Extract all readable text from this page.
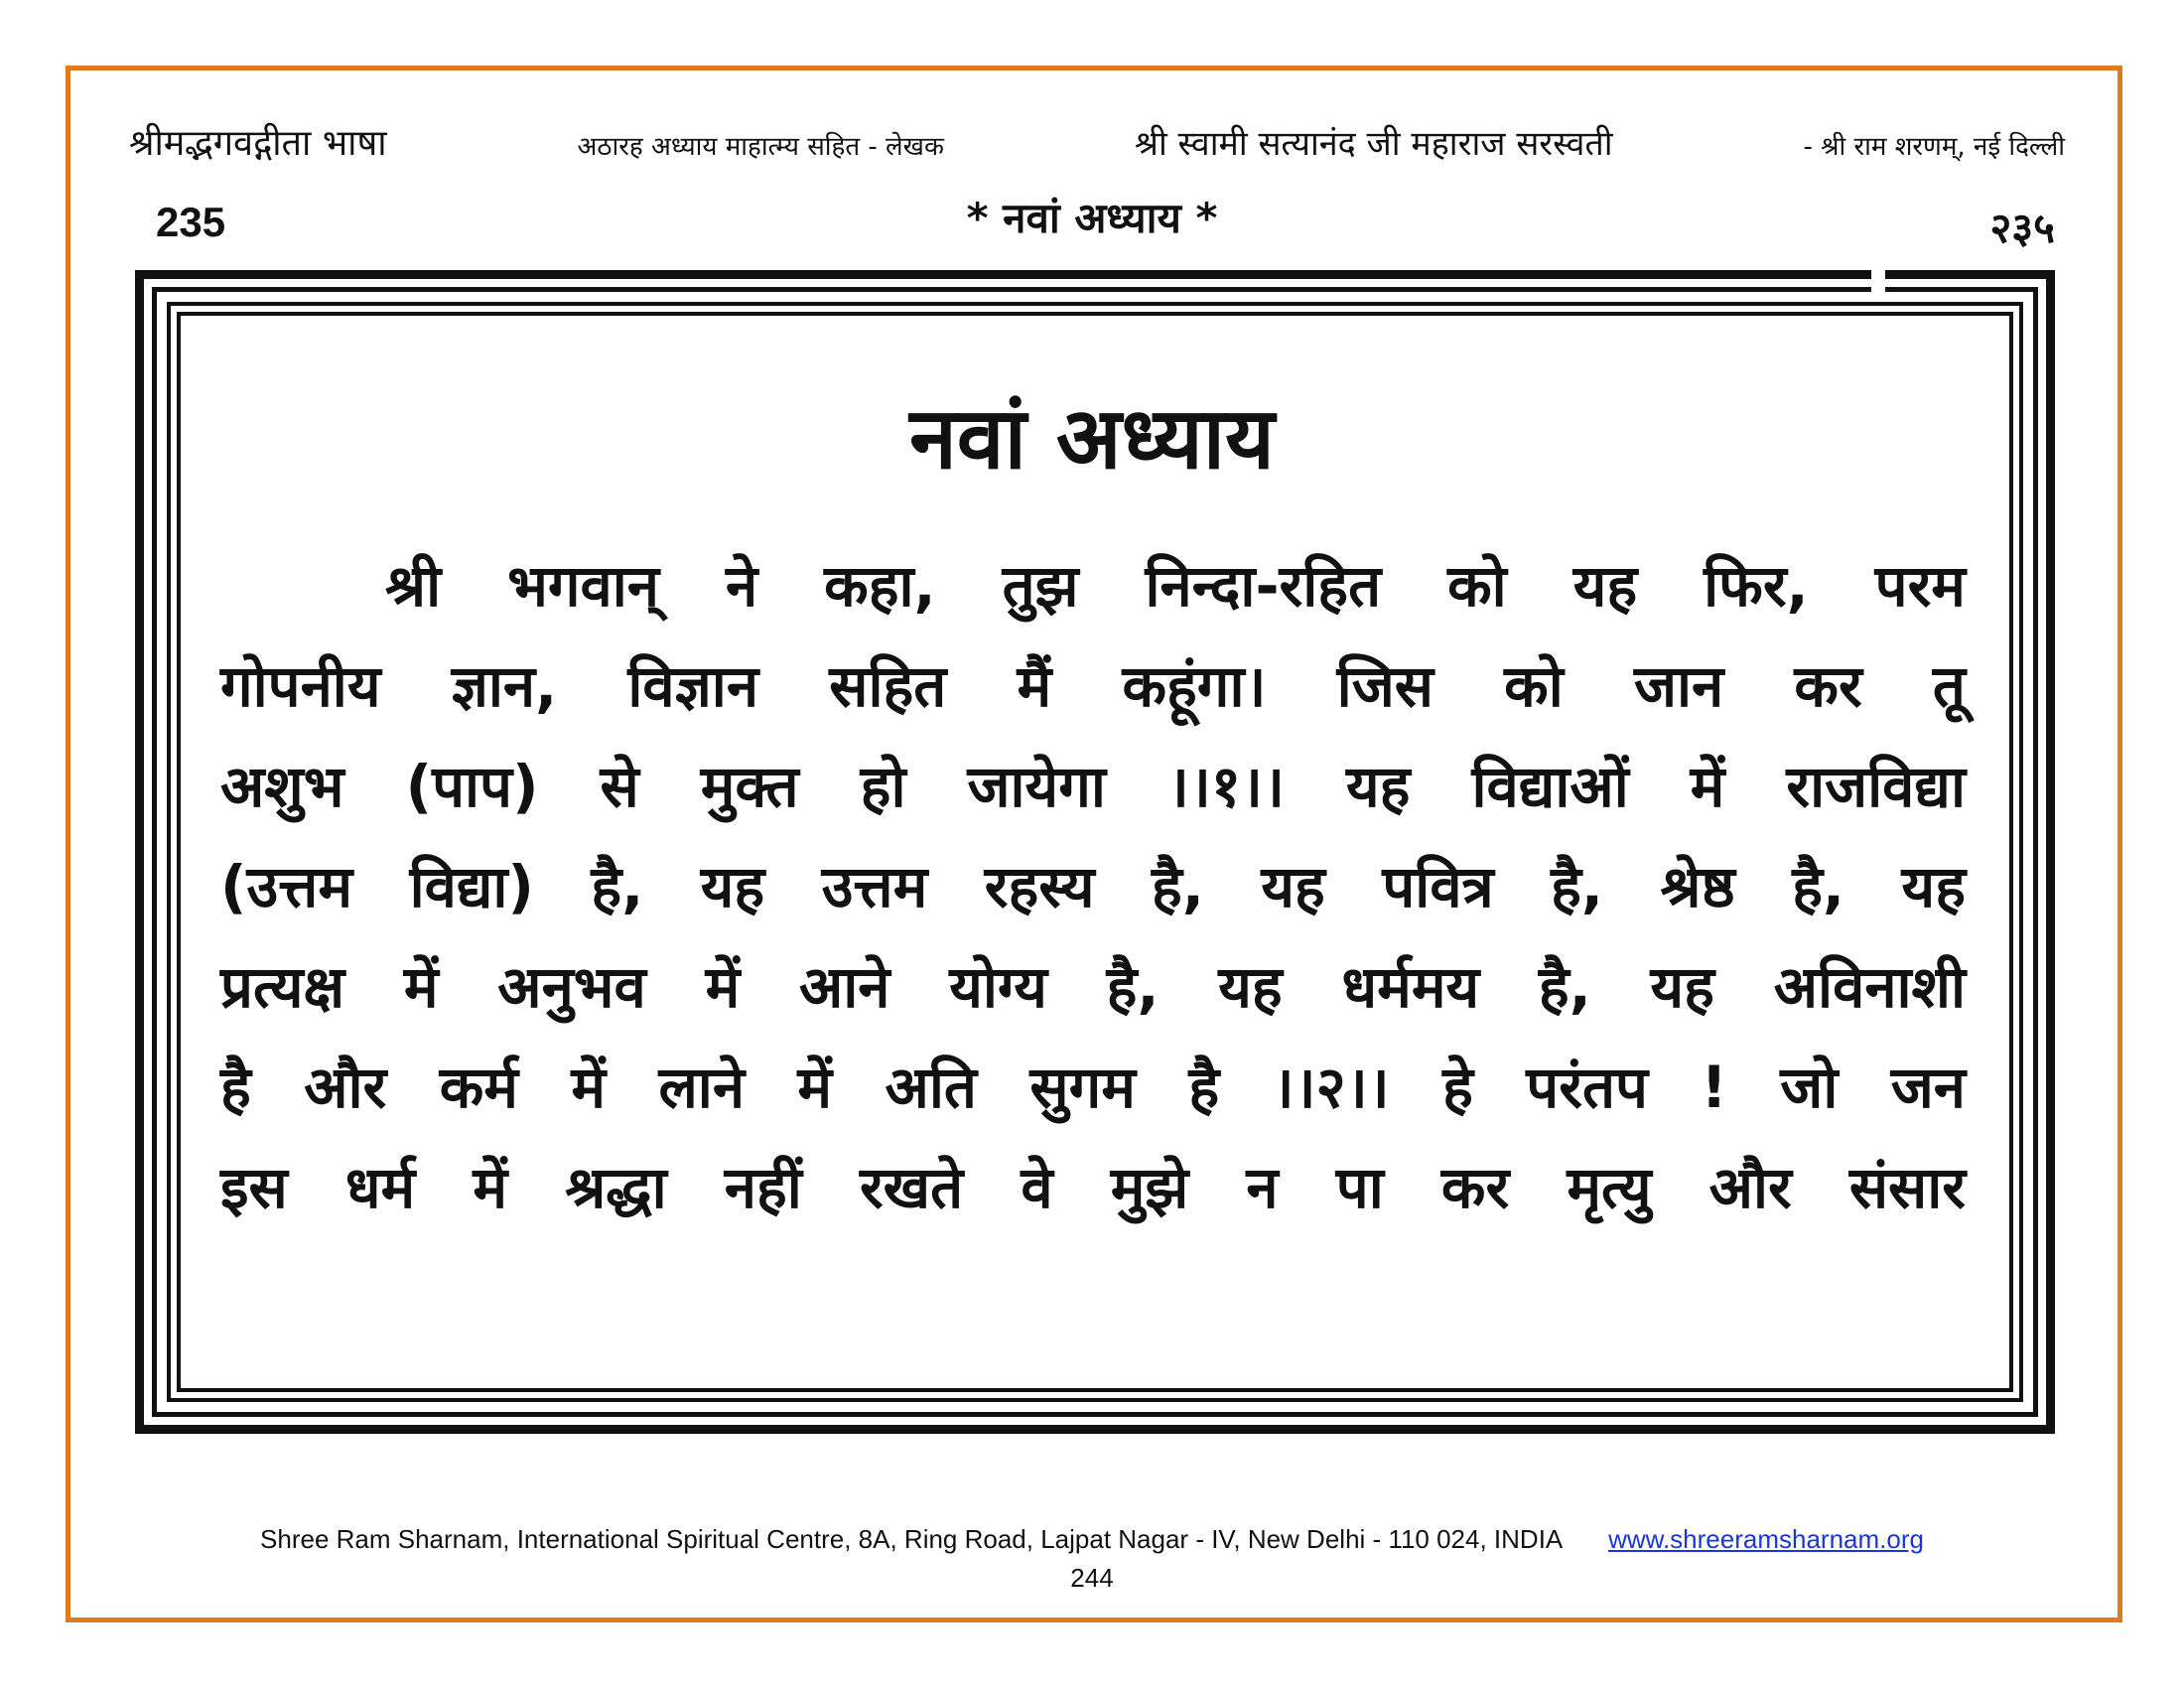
श्रीमद्भगवद्गीता भाषा	अठारह अध्याय माहात्म्य सहित - लेखक	श्री स्वामी सत्यानंद जी महाराज सरस्वती	- श्री राम शरणम्, नई दिल्ली
235	* नवां अध्याय *	२३५
नवां अध्याय
श्री भगवान् ने कहा, तुझ निन्दा-रहित को यह फिर, परम
गोपनीय ज्ञान, विज्ञान सहित मैं कहूंगा। जिस को जान कर तू
अशुभ (पाप) से मुक्त हो जायेगा ।।१।। यह विद्याओं में राजविद्या
(उत्तम विद्या) है, यह उत्तम रहस्य है, यह पवित्र है, श्रेष्ठ है, यह
प्रत्यक्ष में अनुभव में आने योग्य है, यह धर्ममय है, यह अविनाशी
है और कर्म में लाने में अति सुगम है ।।२।। हे परंतप ! जो जन
इस धर्म में श्रद्धा नहीं रखते वे मुझे न पा कर मृत्यु और संसार
Shree Ram Sharnam, International Spiritual Centre, 8A, Ring Road, Lajpat Nagar - IV, New Delhi - 110 024, INDIA www.shreeramsharnam.org
244
